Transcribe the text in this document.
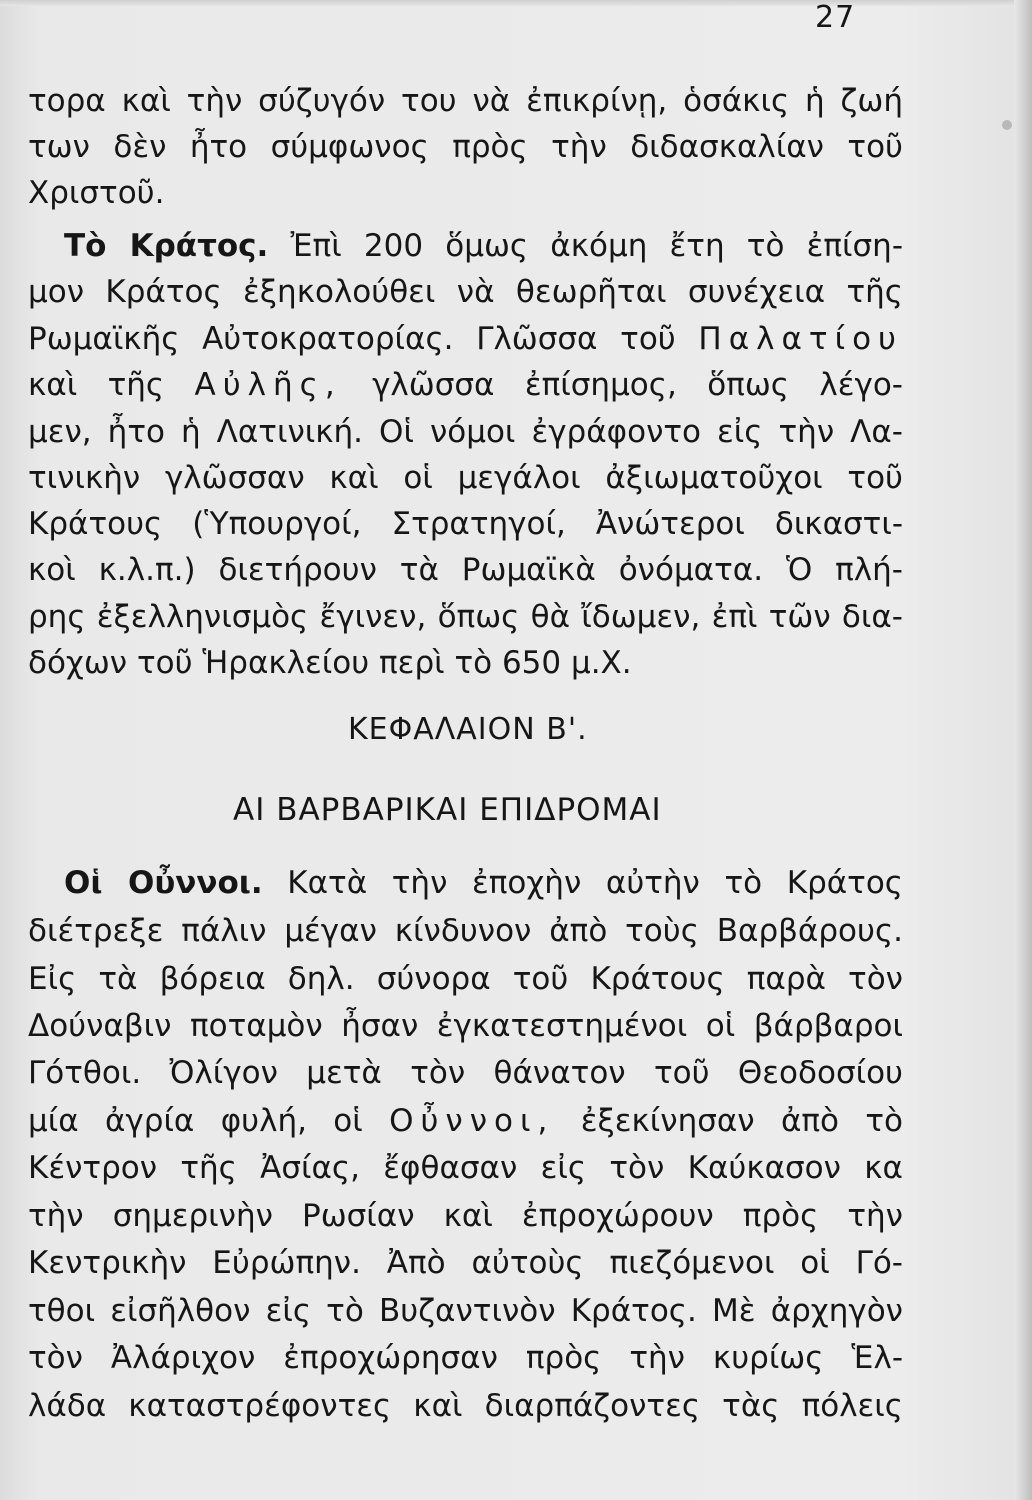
27
τορα καὶ τὴν σύζυγόν του νὰ ἐπικρίνῃ, ὁσάκις ἡ ζωή
των δὲν ἦτο σύμφωνος πρὸς τὴν διδασκαλίαν τοῦ
Χριστοῦ.
Τὸ Κράτος. Ἐπὶ 200 ὅμως ἀκόμη ἔτη τὸ ἐπίση-
μον Κράτος ἐξηκολούθει νὰ θεωρῆται συνέχεια τῆς
Ρωμαϊκῆς Αὐτοκρατορίας. Γλῶσσα τοῦ Παλατίου
καὶ τῆς Αὐλῆς, γλῶσσα ἐπίσημος, ὅπως λέγο-
μεν, ἦτο ἡ Λατινική. Οἱ νόμοι ἐγράφοντο εἰς τὴν Λα-
τινικὴν γλῶσσαν καὶ οἱ μεγάλοι ἀξιωματοῦχοι τοῦ
Κράτους (Ὑπουργοί, Στρατηγοί, Ἀνώτεροι δικαστι-
κοὶ κ.λ.π.) διετήρουν τὰ Ρωμαϊκὰ ὀνόματα. Ὁ πλή-
ρης ἐξελληνισμὸς ἔγινεν, ὅπως θὰ ἴδωμεν, ἐπὶ τῶν δια-
δόχων τοῦ Ἡρακλείου περὶ τὸ 650 μ.Χ.
ΚΕΦΑΛΑΙΟΝ Β'.
ΑΙ ΒΑΡΒΑΡΙΚΑΙ ΕΠΙΔΡΟΜΑΙ
Οἱ Οὖννοι. Κατὰ τὴν ἐποχὴν αὐτὴν τὸ Κράτος
διέτρεξε πάλιν μέγαν κίνδυνον ἀπὸ τοὺς Βαρβάρους.
Εἰς τὰ βόρεια δηλ. σύνορα τοῦ Κράτους παρὰ τὸν
Δούναβιν ποταμὸν ἦσαν ἐγκατεστημένοι οἱ βάρβαροι
Γότθοι. Ὀλίγον μετὰ τὸν θάνατον τοῦ Θεοδοσίου
μία ἀγρία φυλή, οἱ Οὖννοι, ἐξεκίνησαν ἀπὸ τὸ
Κέντρον τῆς Ἀσίας, ἔφθασαν εἰς τὸν Καύκασον κα
τὴν σημερινὴν Ρωσίαν καὶ ἐπροχώρουν πρὸς τὴν
Κεντρικὴν Εὐρώπην. Ἀπὸ αὐτοὺς πιεζόμενοι οἱ Γό-
τθοι εἰσῆλθον εἰς τὸ Βυζαντινὸν Κράτος. Μὲ ἀρχηγὸν
τὸν Ἀλάριχον ἐπροχώρησαν πρὸς τὴν κυρίως Ἑλ-
λάδα καταστρέφοντες καὶ διαρπάζοντες τὰς πόλεις
